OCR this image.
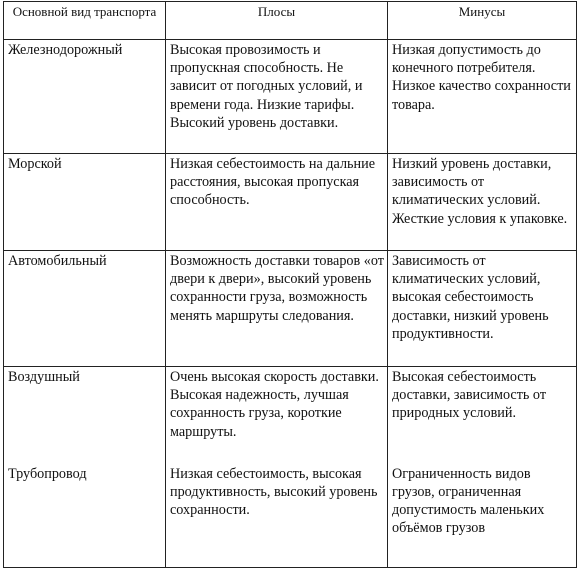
Основной вид транспорта	Плосы	Минусы
Железнодорожный	Высокая провозимость и пропускная способность. Не зависит от погодных условий, и времени года. Низкие тарифы. Высокий уровень доставки.	Низкая допустимость до конечного потребителя. Низкое качество сохранности товара.
Морской	Низкая себестоимость на дальние расстояния, высокая пропуская способность.	Низкий уровень доставки, зависимость от климатических условий. Жесткие условия к упаковке.
Автомобильный	Возможность доставки товаров «от двери к двери», высокий уровень сохранности груза, возможность менять маршруты следования.	Зависимость от климатических условий, высокая себестоимость доставки, низкий уровень продуктивности.
Воздушный	Очень высокая скорость доставки. Высокая надежность, лучшая сохранность груза, короткие маршруты.	Высокая себестоимость доставки, зависимость от природных условий.
Трубопровод	Низкая себестоимость, высокая продуктивность, высокий уровень сохранности.	Ограниченность видов грузов, ограниченная допустимость маленьких объёмов грузов
